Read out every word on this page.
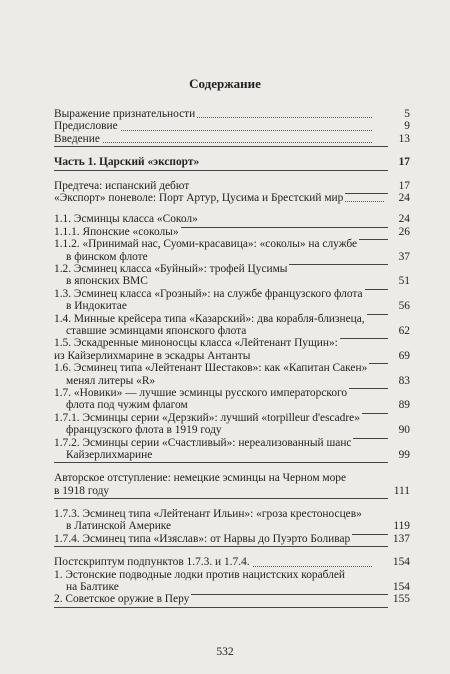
Содержание
Выражение признательности	5
Предисловие	9
Введение	13
Часть 1. Царский «экспорт»	17
Предтеча: испанский дебют	17
«Экспорт» поневоле: Порт Артур, Цусима и Брестский мир	24
1.1. Эсминцы класса «Сокол»	24
1.1.1. Японские «соколы»	26
1.1.2. «Принимай нас, Суоми-красавица»: «соколы» на службе
в финском флоте	37
1.2. Эсминец класса «Буйный»: трофей Цусимы
в японских ВМС	51
1.3. Эсминец класса «Грозный»: на службе французского флота
в Индокитае	56
1.4. Минные крейсера типа «Казарский»: два корабля-близнеца,
ставшие эсминцами японского флота	62
1.5. Эскадренные миноносцы класса «Лейтенант Пущин»:
из Кайзерлихмарине в эскадры Антанты	69
1.6. Эсминец типа «Лейтенант Шестаков»: как «Капитан Сакен»
менял литеры «R»	83
1.7. «Новики» — лучшие эсминцы русского императорского
флота под чужим флагом	89
1.7.1. Эсминцы серии «Дерзкий»: лучший «torpilleur d'escadre»
французского флота в 1919 году	90
1.7.2. Эсминцы серии «Счастливый»: нереализованный шанс
Кайзерлихмарине	99
Авторское отступление: немецкие эсминцы на Черном море
в 1918 году	111
1.7.3. Эсминец типа «Лейтенант Ильин»: «гроза крестоносцев»
в Латинской Америке	119
1.7.4. Эсминец типа «Изяслав»: от Нарвы до Пуэрто Боливар	137
Постскриптум подпунктов 1.7.3. и 1.7.4.	154
1. Эстонские подводные лодки против нацистских кораблей
на Балтике	154
2. Советское оружие в Перу	155
532
